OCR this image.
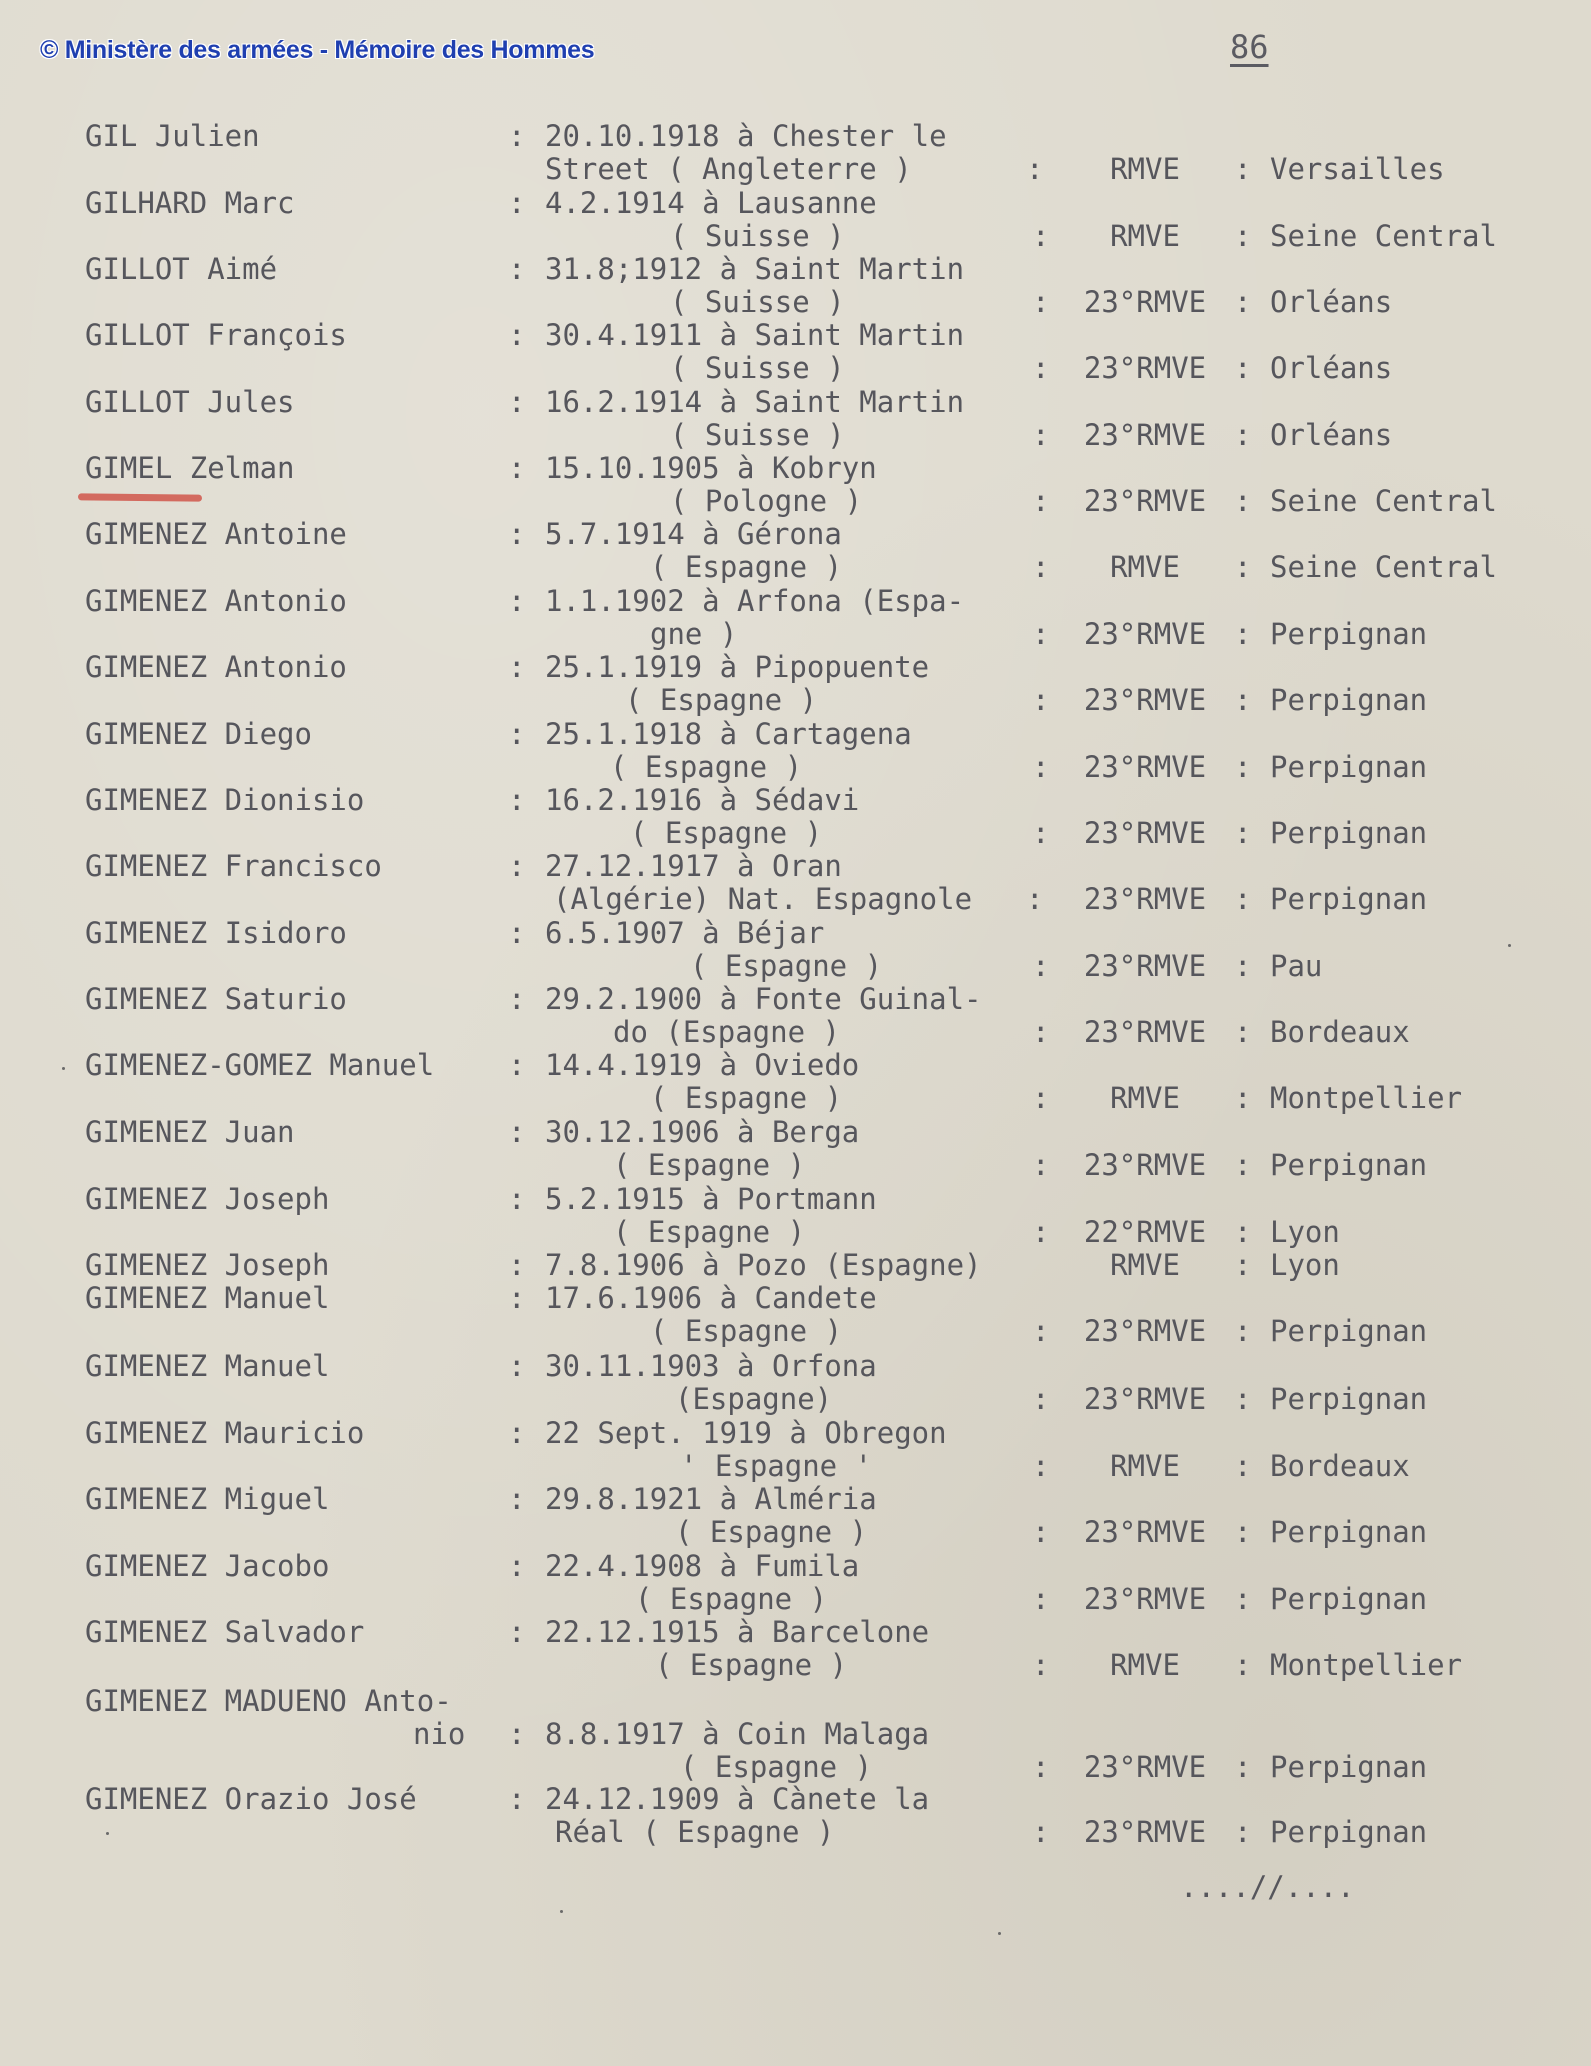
© Ministère des armées - Mémoire des Hommes	86
GIL Julien	: 20.10.1918 à Chester le
Street ( Angleterre )	:	RMVE	: Versailles
GILHARD Marc	: 4.2.1914 à Lausanne
( Suisse )	:	RMVE	: Seine Central
GILLOT Aimé	: 31.8;1912 à Saint Martin
( Suisse )	:	23°RMVE : Orléans
GILLOT François	: 30.4.1911 à Saint Martin
( Suisse )	:	23°RMVE : Orléans
GILLOT Jules	: 16.2.1914 à Saint Martin
( Suisse )	:	23°RMVE : Orléans
GIMEL Zelman	: 15.10.1905 à Kobryn
( Pologne )	:	23°RMVE : Seine Central
GIMENEZ Antoine	: 5.7.1914 à Gérona
( Espagne )	:	RMVE	: Seine Central
GIMENEZ Antonio	: 1.1.1902 à Arfona (Espa-
gne )	:	23°RMVE : Perpignan
GIMENEZ Antonio	: 25.1.1919 à Pipopuente
( Espagne )	:	23°RMVE : Perpignan
GIMENEZ Diego	: 25.1.1918 à Cartagena
( Espagne )	:	23°RMVE : Perpignan
GIMENEZ Dionisio	: 16.2.1916 à Sédavi
( Espagne )	:	23°RMVE : Perpignan
GIMENEZ Francisco	: 27.12.1917 à Oran
(Algérie) Nat. Espagnole :	23°RMVE : Perpignan
GIMENEZ Isidoro	: 6.5.1907 à Béjar
( Espagne )	:	23°RMVE : Pau
GIMENEZ Saturio	: 29.2.1900 à Fonte Guinal-
do (Espagne )	:	23°RMVE : Bordeaux
GIMENEZ-GOMEZ Manuel	: 14.4.1919 à Oviedo
( Espagne )	:	RMVE	: Montpellier
GIMENEZ Juan	: 30.12.1906 à Berga
( Espagne )	:	23°RMVE : Perpignan
GIMENEZ Joseph	: 5.2.1915 à Portmann
( Espagne )	:	22°RMVE : Lyon
GIMENEZ Joseph	: 7.8.1906 à Pozo (Espagne)	RMVE	: Lyon
GIMENEZ Manuel	: 17.6.1906 à Candete
( Espagne )	:	23°RMVE : Perpignan
GIMENEZ Manuel	: 30.11.1903 à Orfona
(Espagne)	:	23°RMVE : Perpignan
GIMENEZ Mauricio	: 22 Sept. 1919 à Obregon
' Espagne '	:	RMVE	: Bordeaux
GIMENEZ Miguel	: 29.8.1921 à Alméria
( Espagne )	:	23°RMVE : Perpignan
GIMENEZ Jacobo	: 22.4.1908 à Fumila
( Espagne )	:	23°RMVE : Perpignan
GIMENEZ Salvador	: 22.12.1915 à Barcelone
( Espagne )	:	RMVE	: Montpellier
GIMENEZ MADUENO Anto-
nio : 8.8.1917 à Coin Malaga
( Espagne )	:	23°RMVE : Perpignan
GIMENEZ Orazio José	: 24.12.1909 à Cànete la
Réal ( Espagne )	:	23°RMVE : Perpignan
....//....
